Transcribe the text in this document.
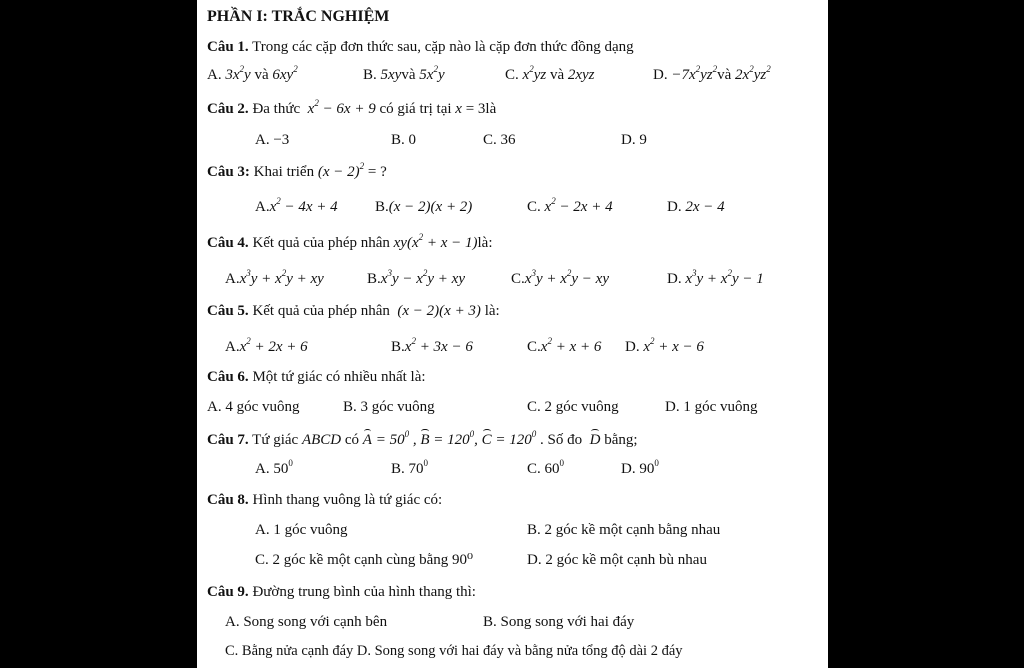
PHẦN I: TRẮC NGHIỆM
Câu 1. Trong các cặp đơn thức sau, cặp nào là cặp đơn thức đồng dạng
A. $3x^2y$ và $6xy^2$	B. 5xyvà $5x^2y$	C. $x^2yz$ và 2xyz	D. $-7x^2yz^2và$ $2x^2yz^2$
Câu 2. Đa thức $x^2 - 6x + 9$ có giá trị tại x = 3là
A. −3	B. 0	C. 36	D. 9
Câu 3: Khai triển $(x - 2)^2$ = ?
$A.x^2 - 4x + 4$ B.(x − 2)(x + 2)	C. $x^2 - 2x + 4$	D. 2x − 4
Câu 4. Kết quả của phép nhân $xy(x^2 + x$ − 1)là:
$A.x^3y + x^2y$ + xy	$B.x^3y - x^2y$ + xy	$C.x^3y + x^2y$ − xy	D. $x^3y + x^2y - 1$
Câu 5. Kết quả của phép nhân (x − 2)(x + 3) là:
$A.x^2 + 2x + 6$	$B.x^2 + 3x - 6$	$C.x^2 + x + 6$ D. $x^2 + x - 6$
Câu 6. Một tứ giác có nhiều nhất là:
A. 4 góc vuông	B. 3 góc vuông	C. 2 góc vuông	D. 1 góc vuông
Câu 7. Tứ giác ABCD có $A = 50^0$ , $B = 120^0$, $C = 120^0$ . Số đo D bằng;
A. $50^0$	B. $70^0$	C. $60^0$	D. $90^0$
Câu 8. Hình thang vuông là tứ giác có:
A. 1 góc vuông	B. 2 góc kề một cạnh bằng nhau
C. 2 góc kề một cạnh cùng bằng 90⁰	D. 2 góc kề một cạnh bù nhau
Câu 9. Đường trung bình của hình thang thì:
A. Song song với cạnh bên	B. Song song với hai đáy
C. Bằng nửa cạnh đáy D. Song song với hai đáy và bằng nửa tổng độ dài 2 đáy
